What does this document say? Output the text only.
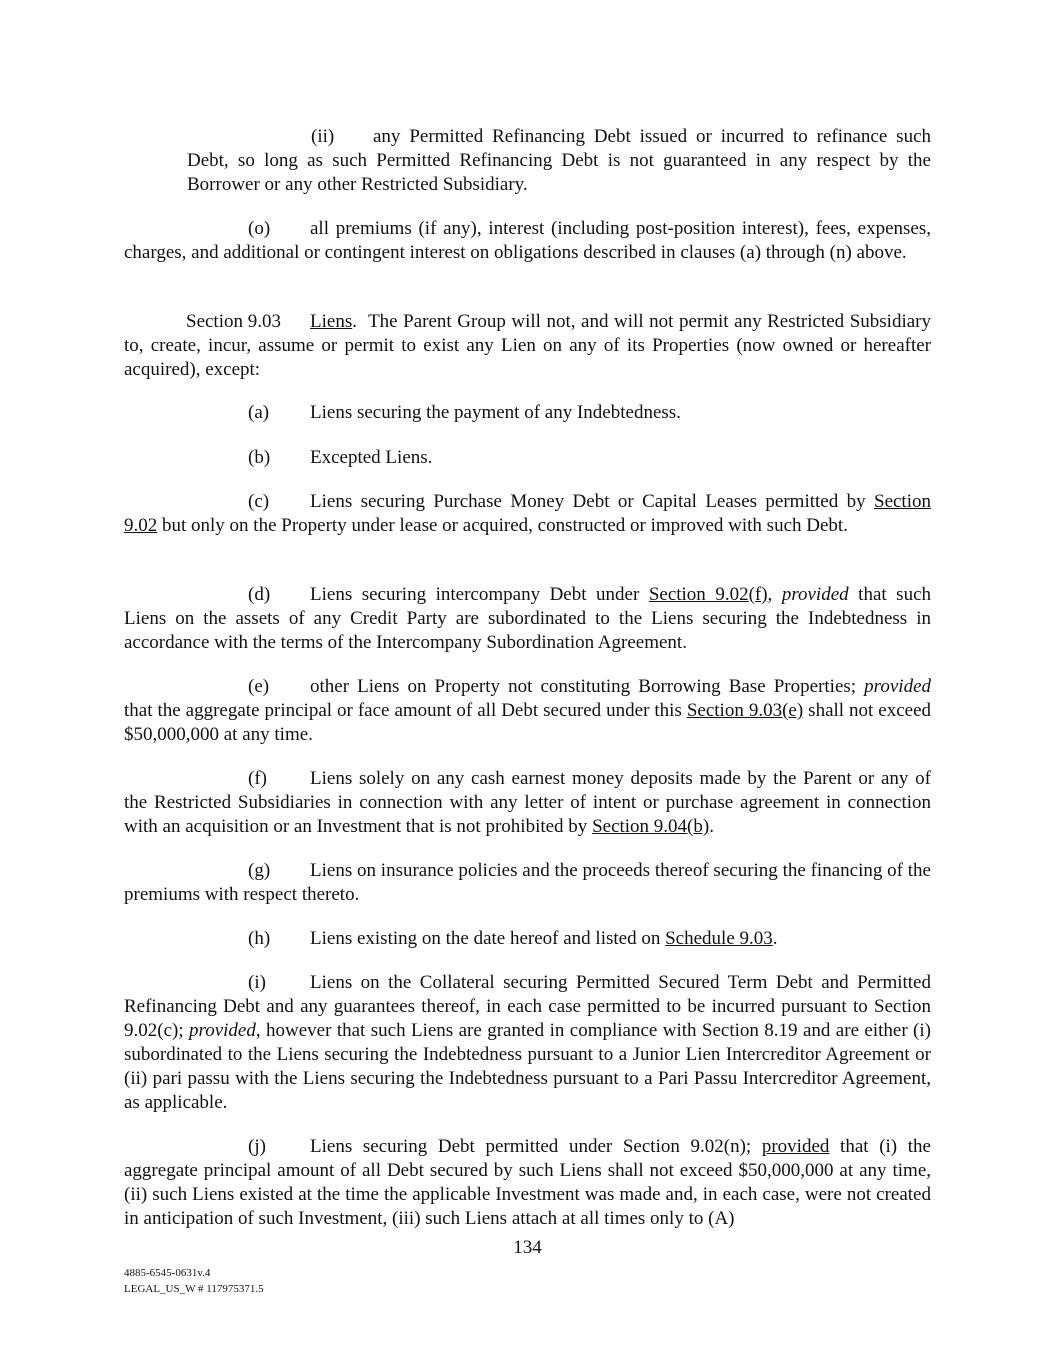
(ii) any Permitted Refinancing Debt issued or incurred to refinance such Debt, so long as such Permitted Refinancing Debt is not guaranteed in any respect by the Borrower or any other Restricted Subsidiary.

(o) all premiums (if any), interest (including post-position interest), fees, expenses, charges, and additional or contingent interest on obligations described in clauses (a) through (n) above.

Section 9.03 Liens.  The Parent Group will not, and will not permit any Restricted Subsidiary to, create, incur, assume or permit to exist any Lien on any of its Properties (now owned or hereafter acquired), except:

(a) Liens securing the payment of any Indebtedness.

(b) Excepted Liens.

(c) Liens securing Purchase Money Debt or Capital Leases permitted by Section 9.02 but only on the Property under lease or acquired, constructed or improved with such Debt.

(d) Liens securing intercompany Debt under Section 9.02(f), provided that such Liens on the assets of any Credit Party are subordinated to the Liens securing the Indebtedness in accordance with the terms of the Intercompany Subordination Agreement.

(e) other Liens on Property not constituting Borrowing Base Properties; provided that the aggregate principal or face amount of all Debt secured under this Section 9.03(e) shall not exceed $50,000,000 at any time.

(f) Liens solely on any cash earnest money deposits made by the Parent or any of the Restricted Subsidiaries in connection with any letter of intent or purchase agreement in connection with an acquisition or an Investment that is not prohibited by Section 9.04(b).

(g) Liens on insurance policies and the proceeds thereof securing the financing of the premiums with respect thereto.

(h) Liens existing on the date hereof and listed on Schedule 9.03.

(i) Liens on the Collateral securing Permitted Secured Term Debt and Permitted Refinancing Debt and any guarantees thereof, in each case permitted to be incurred pursuant to Section 9.02(c); provided, however that such Liens are granted in compliance with Section 8.19 and are either (i) subordinated to the Liens securing the Indebtedness pursuant to a Junior Lien Intercreditor Agreement or (ii) pari passu with the Liens securing the Indebtedness pursuant to a Pari Passu Intercreditor Agreement, as applicable.

(j) Liens securing Debt permitted under Section 9.02(n); provided that (i) the aggregate principal amount of all Debt secured by such Liens shall not exceed $50,000,000 at any time, (ii) such Liens existed at the time the applicable Investment was made and, in each case, were not created in anticipation of such Investment, (iii) such Liens attach at all times only to (A)

134
4885-6545-0631v.4
LEGAL_US_W # 117975371.5
